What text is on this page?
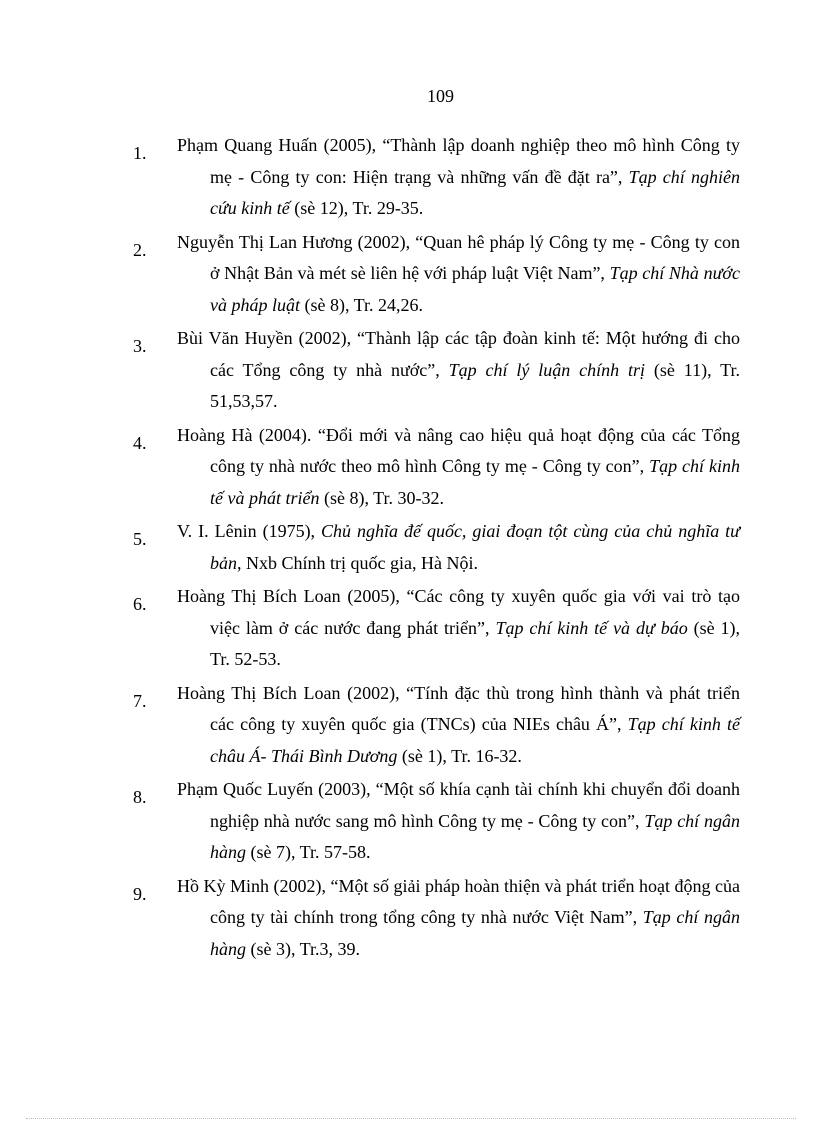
109
1.	Phạm Quang Huấn (2005), “Thành lập doanh nghiệp theo mô hình Công ty mẹ - Công ty con: Hiện trạng và những vấn đề đặt ra”, Tạp chí nghiên cứu kinh tế (sè 12), Tr. 29-35.
2.	Nguyễn Thị Lan Hương (2002), “Quan hê pháp lý Công ty mẹ - Công ty con ở Nhật Bản và mét sè liên hệ với pháp luật Việt Nam”, Tạp chí Nhà nước và pháp luật (sè 8), Tr. 24,26.
3.	Bùi Văn Huyền (2002), “Thành lập các tập đoàn kinh tế: Một hướng đi cho các Tổng công ty nhà nước”, Tạp chí lý luận chính trị (sè 11), Tr. 51,53,57.
4.	Hoàng Hà (2004). “Đổi mới và nâng cao hiệu quả hoạt động của các Tổng công ty nhà nước theo mô hình Công ty mẹ - Công ty con”, Tạp chí kinh tế và phát triển (sè 8), Tr. 30-32.
5.	V. I. Lênin (1975), Chủ nghĩa đế quốc, giai đoạn tột cùng của chủ nghĩa tư bản, Nxb Chính trị quốc gia, Hà Nội.
6.	Hoàng Thị Bích Loan (2005), “Các công ty xuyên quốc gia với vai trò tạo việc làm ở các nước đang phát triển”, Tạp chí kinh tế và dự báo (sè 1), Tr. 52-53.
7.	Hoàng Thị Bích Loan (2002), “Tính đặc thù trong hình thành và phát triển các công ty xuyên quốc gia (TNCs) của NIEs châu Á”, Tạp chí kinh tế châu Á- Thái Bình Dương (sè 1), Tr. 16-32.
8.	Phạm Quốc Luyến (2003), “Một số khía cạnh tài chính khi chuyển đổi doanh nghiệp nhà nước sang mô hình Công ty mẹ - Công ty con”, Tạp chí ngân hàng (sè 7), Tr. 57-58.
9.	Hồ Kỳ Minh (2002), “Một số giải pháp hoàn thiện và phát triển hoạt động của công ty tài chính trong tổng công ty nhà nước Việt Nam”, Tạp chí ngân hàng (sè 3), Tr.3, 39.
